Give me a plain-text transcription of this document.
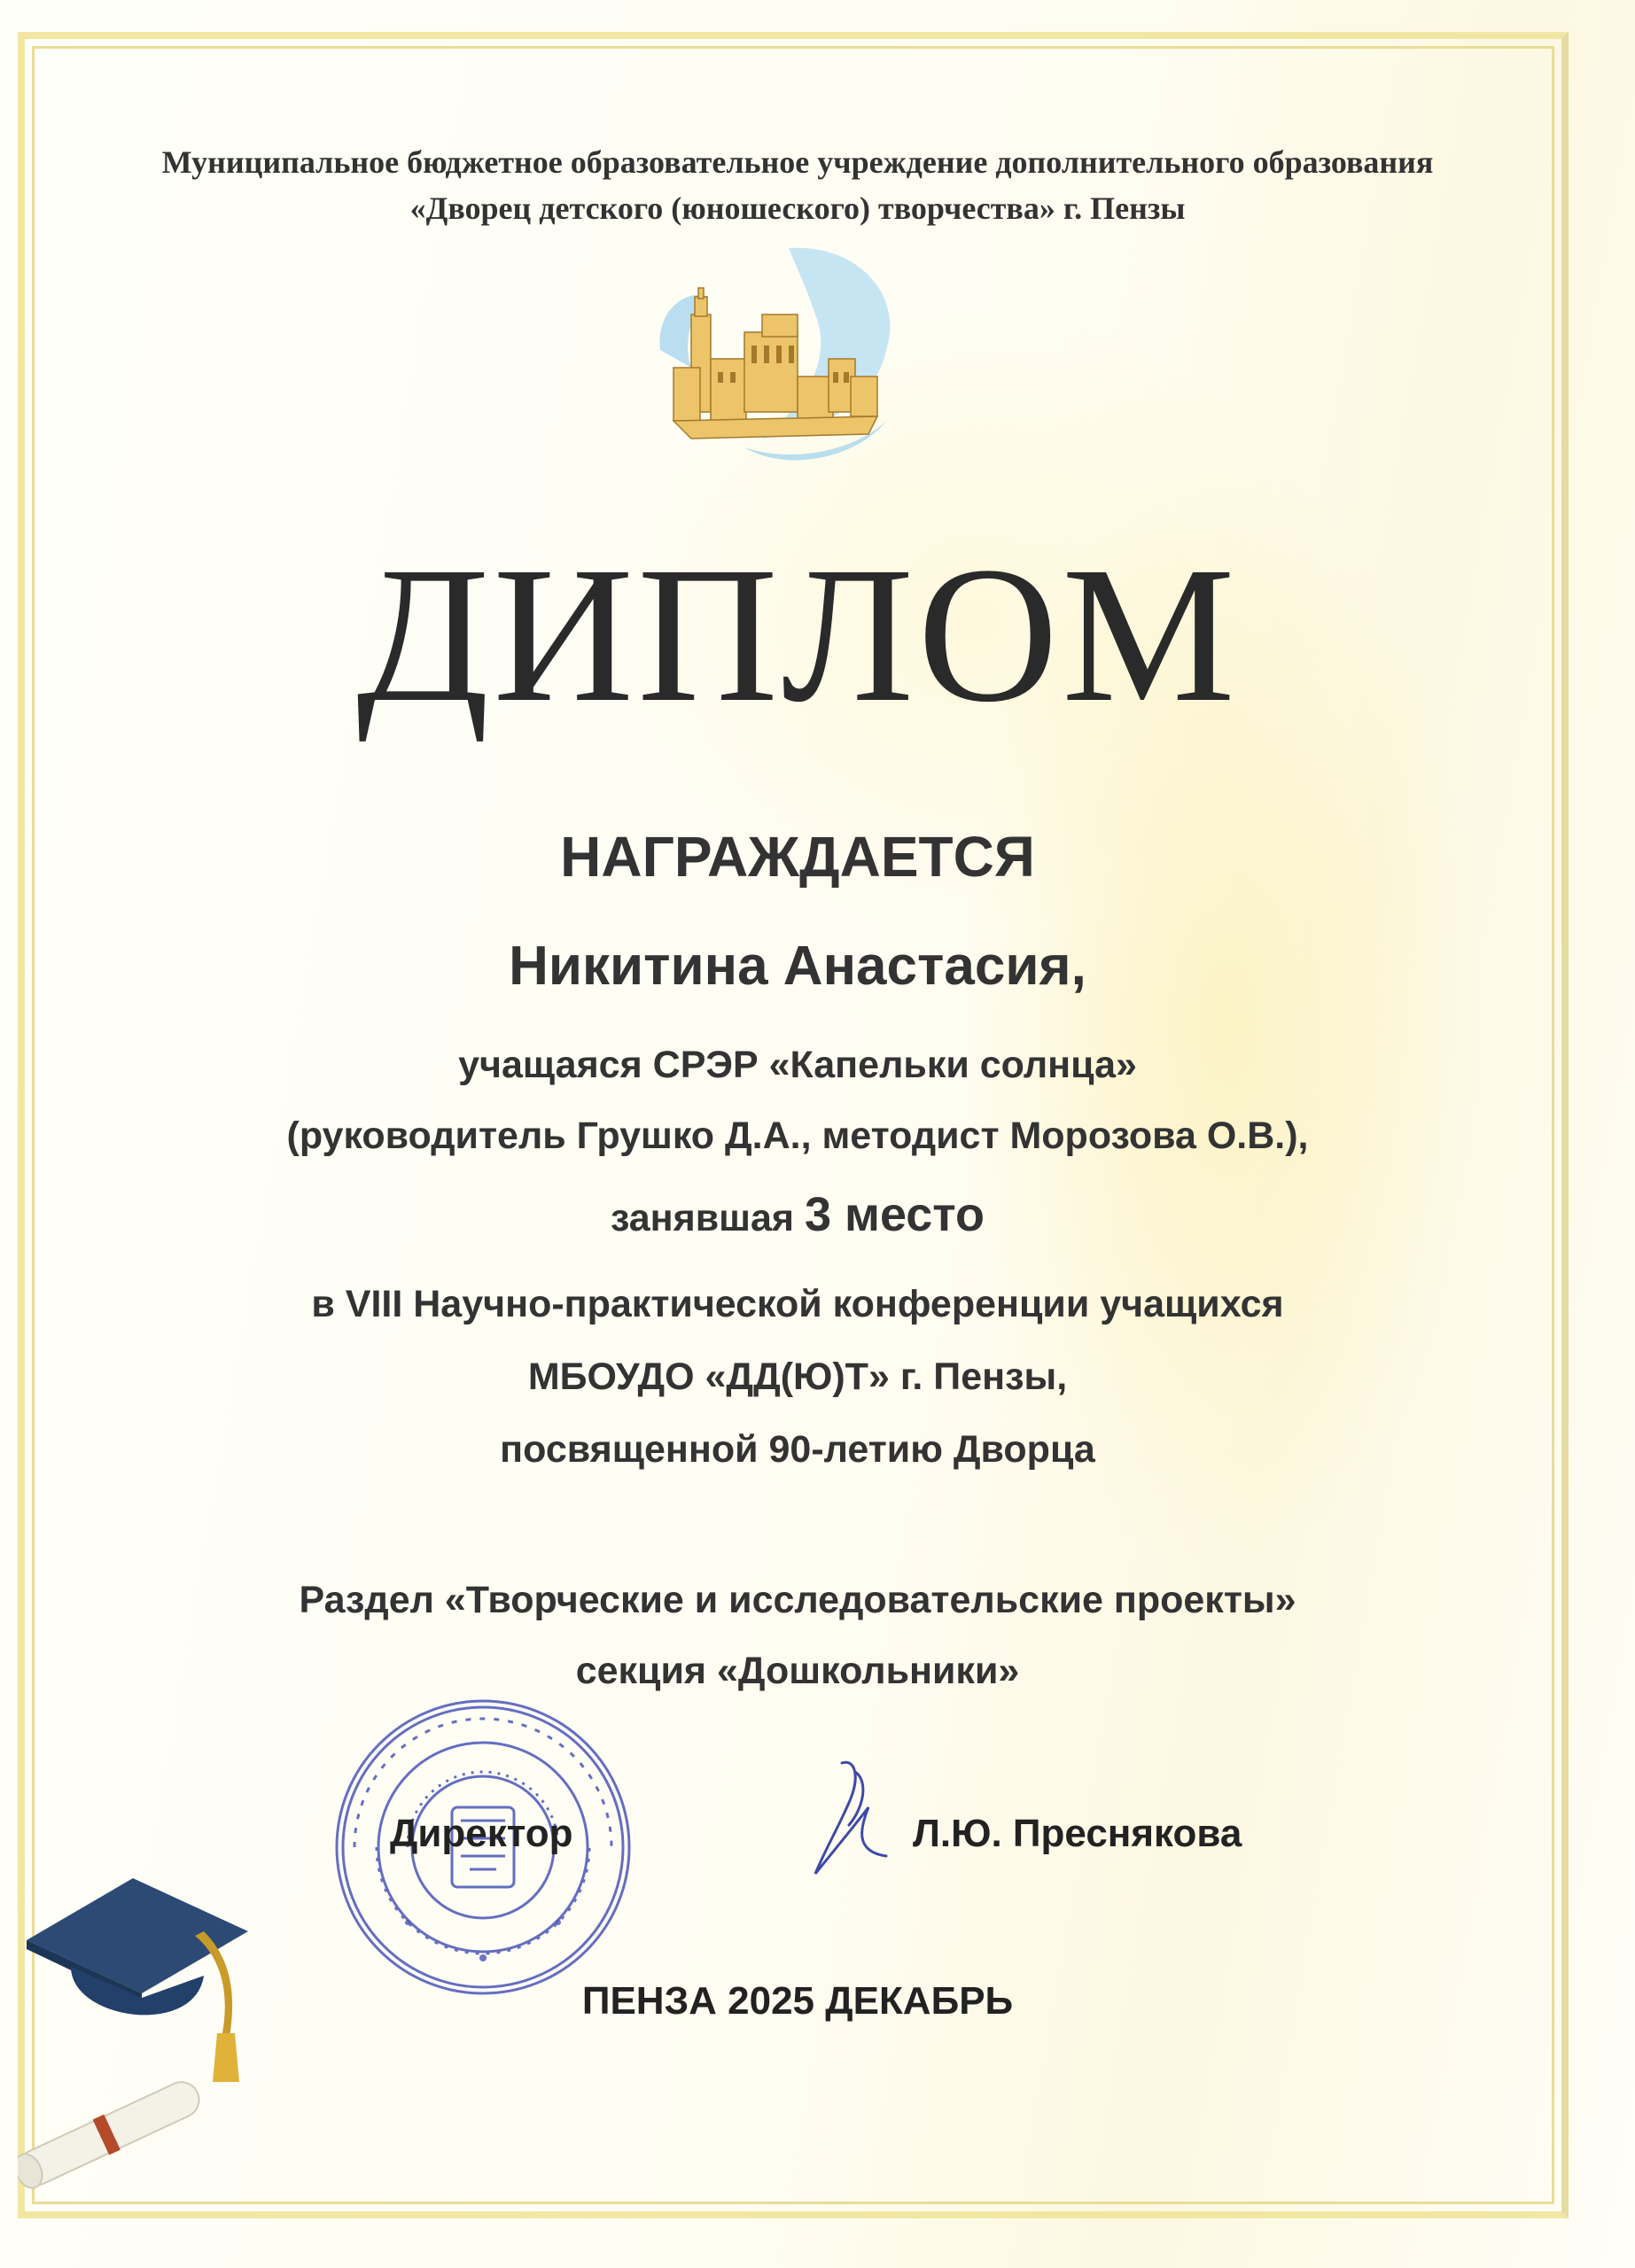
Муниципальное бюджетное образовательное учреждение дополнительного образования
«Дворец детского (юношеского) творчества» г. Пензы
ДИПЛОМ
НАГРАЖДАЕТСЯ
Никитина Анастасия,
учащаяся СРЭР «Капельки солнца»
(руководитель Грушко Д.А., методист Морозова О.В.),
занявшая 3 место
в VIII Научно-практической конференции учащихся
МБОУДО «ДД(Ю)Т» г. Пензы,
посвященной 90-летию Дворца
Раздел «Творческие и исследовательские проекты»
секция «Дошкольники»
Директор	Л.Ю. Преснякова
ПЕНЗА 2025 ДЕКАБРЬ
